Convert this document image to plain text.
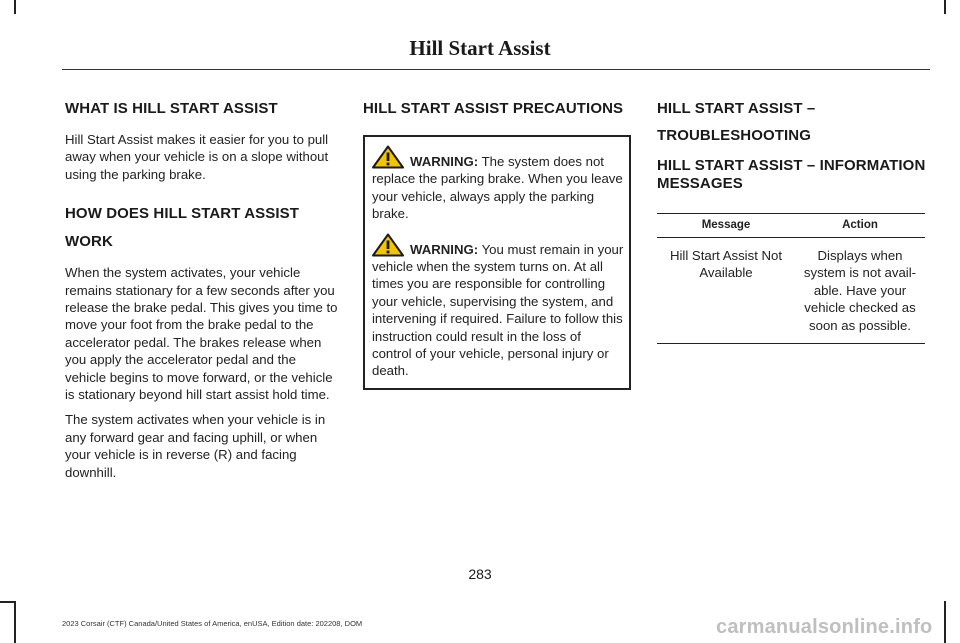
Hill Start Assist
WHAT IS HILL START ASSIST

Hill Start Assist makes it easier for you to pull away when your vehicle is on a slope without using the parking brake.

HOW DOES HILL START ASSIST
WORK

When the system activates, your vehicle remains stationary for a few seconds after you release the brake pedal. This gives you time to move your foot from the brake pedal to the accelerator pedal. The brakes release when you apply the accelerator pedal and the vehicle begins to move forward, or the vehicle is stationary beyond hill start assist hold time.

The system activates when your vehicle is in any forward gear and facing uphill, or when your vehicle is in reverse (R) and facing downhill.

HILL START ASSIST PRECAUTIONS

WARNING: The system does not replace the parking brake. When you leave your vehicle, always apply the parking brake.

WARNING: You must remain in your vehicle when the system turns on. At all times you are responsible for controlling your vehicle, supervising the system, and intervening if required. Failure to follow this instruction could result in the loss of control of your vehicle, personal injury or death.

HILL START ASSIST –
TROUBLESHOOTING
HILL START ASSIST – INFORMATION
MESSAGES
Message	Action
Hill Start Assist Not Available	Displays when system is not avail- able. Have your vehicle checked as soon as possible.
283
2023 Corsair (CTF) Canada/United States of America, enUSA, Edition date: 202208, DOM	carmanualsonline.info
